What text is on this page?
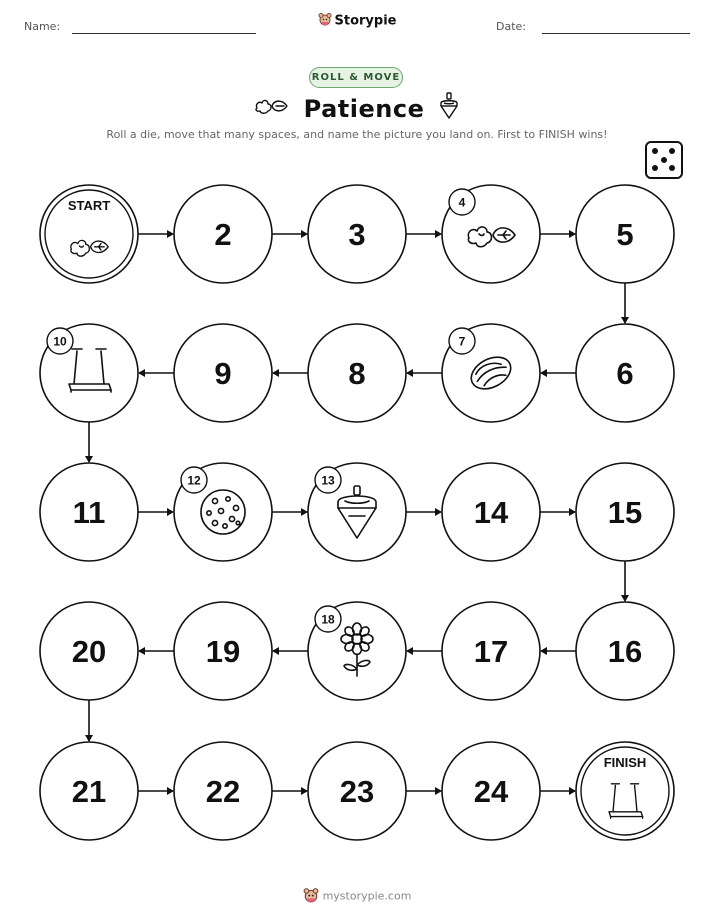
Name:	Storypie	Date:
ROLL & MOVE
Patience
Roll a die, move that many spaces, and name the picture you land on. First to FINISH wins!
START
2	3
4
5
6
7
8
9
10
11
12	13
14	15
16
17
18
19
20
21	22	23	24
FINISH
mystorypie.com
